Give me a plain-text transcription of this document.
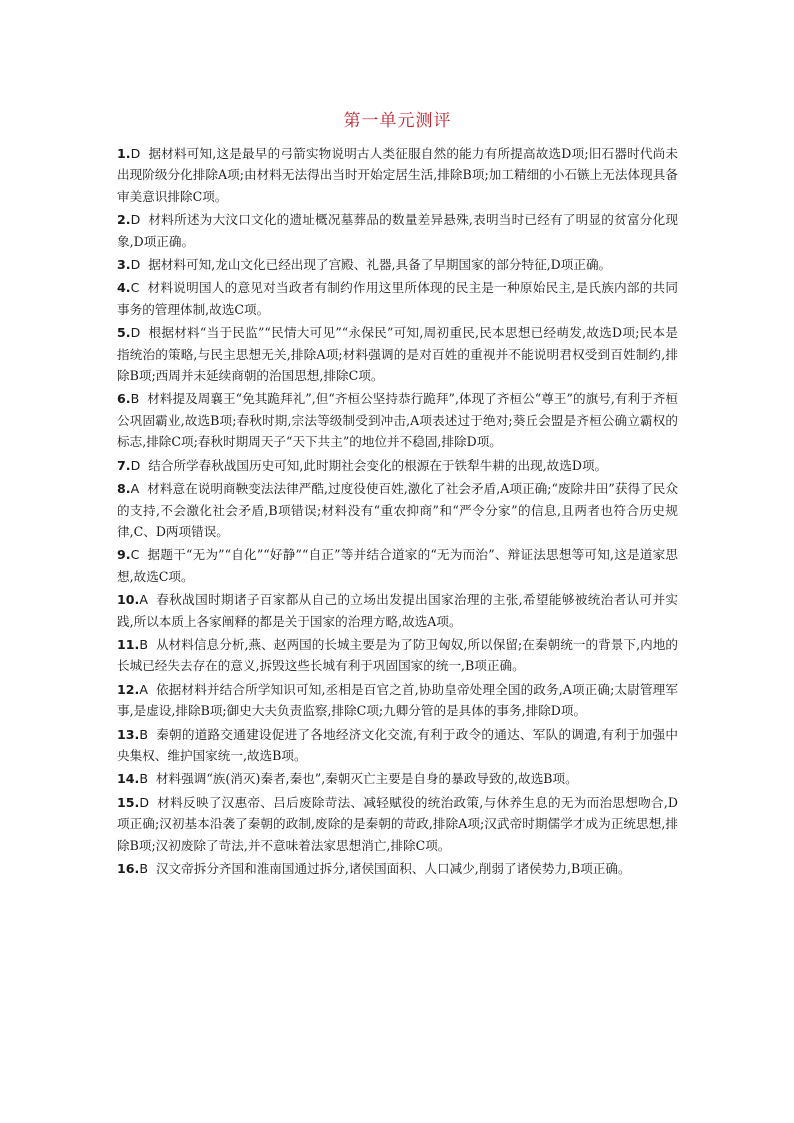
第一单元测评
1.D 据材料可知,这是最早的弓箭实物说明古人类征服自然的能力有所提高故选D项;旧石器时代尚未出现阶级分化排除A项;由材料无法得出当时开始定居生活,排除B项;加工精细的小石镞上无法体现具备审美意识排除C项。
2.D 材料所述为大汶口文化的遗址概况墓葬品的数量差异悬殊,表明当时已经有了明显的贫富分化现象,D项正确。
3.D 据材料可知,龙山文化已经出现了宫殿、礼器,具备了早期国家的部分特征,D项正确。
4.C 材料说明国人的意见对当政者有制约作用这里所体现的民主是一种原始民主,是氏族内部的共同事务的管理体制,故选C项。
5.D 根据材料“当于民监”“民情大可见”“永保民”可知,周初重民,民本思想已经萌发,故选D项;民本是指统治的策略,与民主思想无关,排除A项;材料强调的是对百姓的重视并不能说明君权受到百姓制约,排除B项;西周并未延续商朝的治国思想,排除C项。
6.B 材料提及周襄王“免其跪拜礼”,但“齐桓公坚持恭行跪拜”,体现了齐桓公“尊王”的旗号,有利于齐桓公巩固霸业,故选B项;春秋时期,宗法等级制受到冲击,A项表述过于绝对;葵丘会盟是齐桓公确立霸权的标志,排除C项;春秋时期周天子“天下共主”的地位并不稳固,排除D项。
7.D 结合所学春秋战国历史可知,此时期社会变化的根源在于铁犁牛耕的出现,故选D项。
8.A 材料意在说明商鞅变法法律严酷,过度役使百姓,激化了社会矛盾,A项正确;“废除井田”获得了民众的支持,不会激化社会矛盾,B项错误;材料没有“重农抑商”和“严令分家”的信息,且两者也符合历史规律,C、D两项错误。
9.C 据题干“无为”“自化”“好静”“自正”等并结合道家的“无为而治”、辩证法思想等可知,这是道家思想,故选C项。
10.A 春秋战国时期诸子百家都从自己的立场出发提出国家治理的主张,希望能够被统治者认可并实践,所以本质上各家阐释的都是关于国家的治理方略,故选A项。
11.B 从材料信息分析,燕、赵两国的长城主要是为了防卫匈奴,所以保留;在秦朝统一的背景下,内地的长城已经失去存在的意义,拆毁这些长城有利于巩固国家的统一,B项正确。
12.A 依据材料并结合所学知识可知,丞相是百官之首,协助皇帝处理全国的政务,A项正确;太尉管理军事,是虚设,排除B项;御史大夫负责监察,排除C项;九卿分管的是具体的事务,排除D项。
13.B 秦朝的道路交通建设促进了各地经济文化交流,有利于政令的通达、军队的调遣,有利于加强中央集权、维护国家统一,故选B项。
14.B 材料强调“族(消灭)秦者,秦也”,秦朝灭亡主要是自身的暴政导致的,故选B项。
15.D 材料反映了汉惠帝、吕后废除苛法、减轻赋役的统治政策,与休养生息的无为而治思想吻合,D项正确;汉初基本沿袭了秦朝的政制,废除的是秦朝的苛政,排除A项;汉武帝时期儒学才成为正统思想,排除B项;汉初废除了苛法,并不意味着法家思想消亡,排除C项。
16.B 汉文帝拆分齐国和淮南国通过拆分,诸侯国面积、人口减少,削弱了诸侯势力,B项正确。
